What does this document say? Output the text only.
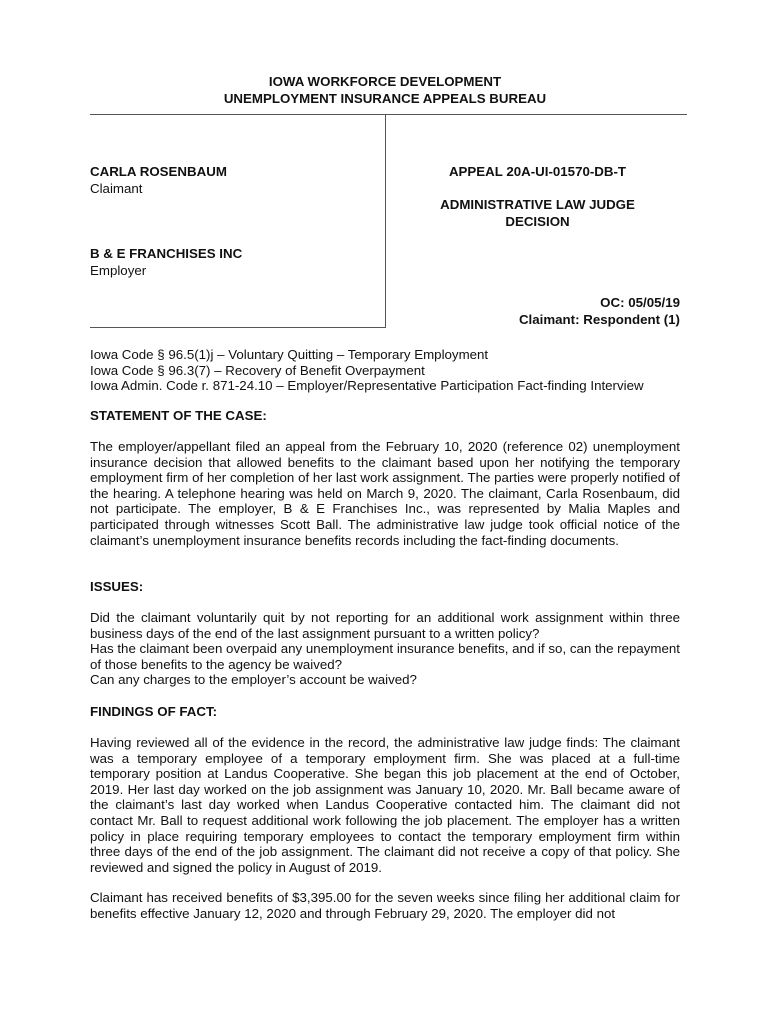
IOWA WORKFORCE DEVELOPMENT
UNEMPLOYMENT INSURANCE APPEALS BUREAU
CARLA ROSENBAUM
Claimant
B & E FRANCHISES INC
Employer
APPEAL 20A-UI-01570-DB-T
ADMINISTRATIVE LAW JUDGE
DECISION
OC: 05/05/19
Claimant: Respondent (1)
Iowa Code § 96.5(1)j – Voluntary Quitting – Temporary Employment
Iowa Code § 96.3(7) – Recovery of Benefit Overpayment
Iowa Admin. Code r. 871-24.10 – Employer/Representative Participation Fact-finding Interview
STATEMENT OF THE CASE:
The employer/appellant filed an appeal from the February 10, 2020 (reference 02) unemployment insurance decision that allowed benefits to the claimant based upon her notifying the temporary employment firm of her completion of her last work assignment. The parties were properly notified of the hearing. A telephone hearing was held on March 9, 2020. The claimant, Carla Rosenbaum, did not participate. The employer, B & E Franchises Inc., was represented by Malia Maples and participated through witnesses Scott Ball. The administrative law judge took official notice of the claimant’s unemployment insurance benefits records including the fact-finding documents.
ISSUES:
Did the claimant voluntarily quit by not reporting for an additional work assignment within three business days of the end of the last assignment pursuant to a written policy?
Has the claimant been overpaid any unemployment insurance benefits, and if so, can the repayment of those benefits to the agency be waived?
Can any charges to the employer’s account be waived?
FINDINGS OF FACT:
Having reviewed all of the evidence in the record, the administrative law judge finds: The claimant was a temporary employee of a temporary employment firm. She was placed at a full-time temporary position at Landus Cooperative. She began this job placement at the end of October, 2019. Her last day worked on the job assignment was January 10, 2020. Mr. Ball became aware of the claimant’s last day worked when Landus Cooperative contacted him. The claimant did not contact Mr. Ball to request additional work following the job placement. The employer has a written policy in place requiring temporary employees to contact the temporary employment firm within three days of the end of the job assignment. The claimant did not receive a copy of that policy. She reviewed and signed the policy in August of 2019.
Claimant has received benefits of $3,395.00 for the seven weeks since filing her additional claim for benefits effective January 12, 2020 and through February 29, 2020. The employer did not
